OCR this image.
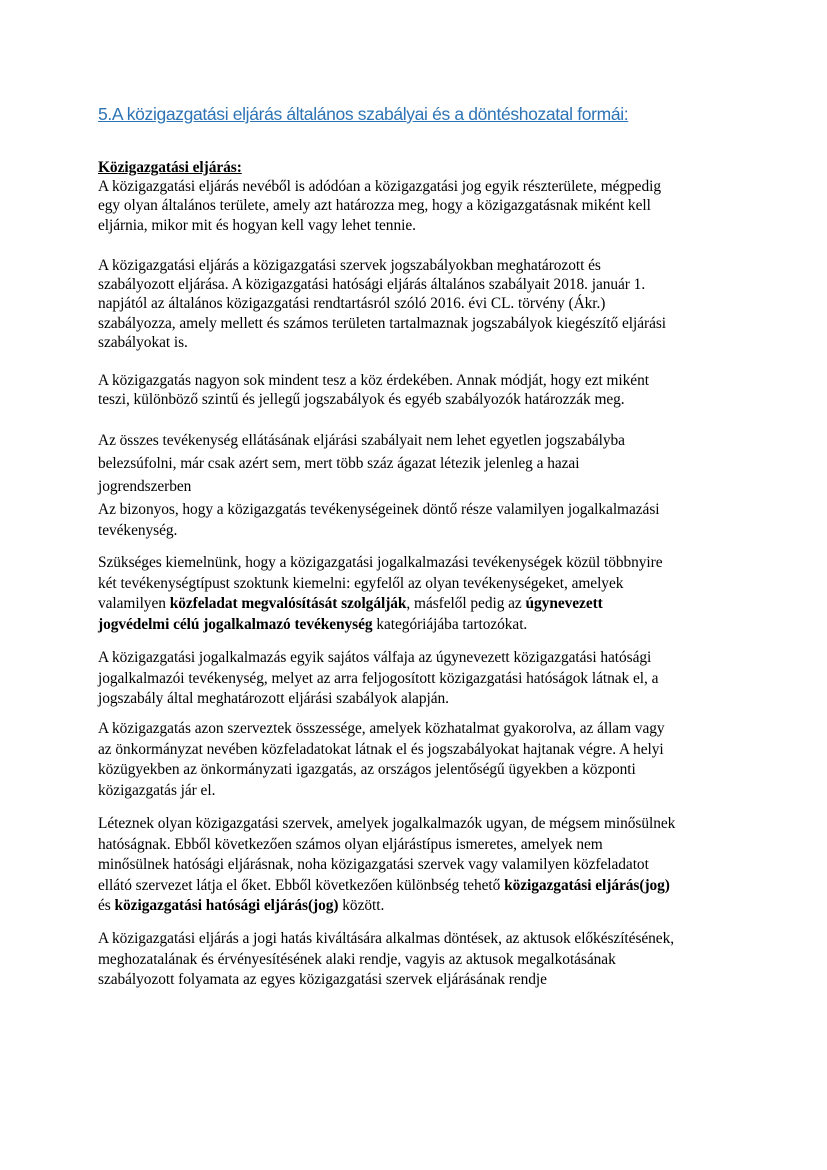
5.A közigazgatási eljárás általános szabályai és a döntéshozatal formái:
Közigazgatási eljárás:

A közigazgatási eljárás nevéből is adódóan a közigazgatási jog egyik részterülete, mégpedig
egy olyan általános területe, amely azt határozza meg, hogy a közigazgatásnak miként kell
eljárnia, mikor mit és hogyan kell vagy lehet tennie.

A közigazgatási eljárás a közigazgatási szervek jogszabályokban meghatározott és
szabályozott eljárása. A közigazgatási hatósági eljárás általános szabályait 2018. január 1.
napjától az általános közigazgatási rendtartásról szóló 2016. évi CL. törvény (Ákr.)
szabályozza, amely mellett és számos területen tartalmaznak jogszabályok kiegészítő eljárási
szabályokat is.

A közigazgatás nagyon sok mindent tesz a köz érdekében. Annak módját, hogy ezt miként
teszi, különböző szintű és jellegű jogszabályok és egyéb szabályozók határozzák meg.

Az összes tevékenység ellátásának eljárási szabályait nem lehet egyetlen jogszabályba
belezsúfolni, már csak azért sem, mert több száz ágazat létezik jelenleg a hazai
jogrendszerben

Az bizonyos, hogy a közigazgatás tevékenységeinek döntő része valamilyen jogalkalmazási
tevékenység.

Szükséges kiemelnünk, hogy a közigazgatási jogalkalmazási tevékenységek közül többnyire
két tevékenységtípust szoktunk kiemelni: egyfelől az olyan tevékenységeket, amelyek
valamilyen közfeladat megvalósítását szolgálják, másfelől pedig az úgynevezett
jogvédelmi célú jogalkalmazó tevékenység kategóriájába tartozókat.

A közigazgatási jogalkalmazás egyik sajátos válfaja az úgynevezett közigazgatási hatósági
jogalkalmazói tevékenység, melyet az arra feljogosított közigazgatási hatóságok látnak el, a
jogszabály által meghatározott eljárási szabályok alapján.

A közigazgatás azon szerveztek összessége, amelyek közhatalmat gyakorolva, az állam vagy
az önkormányzat nevében közfeladatokat látnak el és jogszabályokat hajtanak végre. A helyi
közügyekben az önkormányzati igazgatás, az országos jelentőségű ügyekben a központi
közigazgatás jár el.

Léteznek olyan közigazgatási szervek, amelyek jogalkalmazók ugyan, de mégsem minősülnek
hatóságnak. Ebből következően számos olyan eljárástípus ismeretes, amelyek nem
minősülnek hatósági eljárásnak, noha közigazgatási szervek vagy valamilyen közfeladatot
ellátó szervezet látja el őket. Ebből következően különbség tehető közigazgatási eljárás(jog)
és közigazgatási hatósági eljárás(jog) között.

A közigazgatási eljárás a jogi hatás kiváltására alkalmas döntések, az aktusok előkészítésének,
meghozatalának és érvényesítésének alaki rendje, vagyis az aktusok megalkotásának
szabályozott folyamata az egyes közigazgatási szervek eljárásának rendje
